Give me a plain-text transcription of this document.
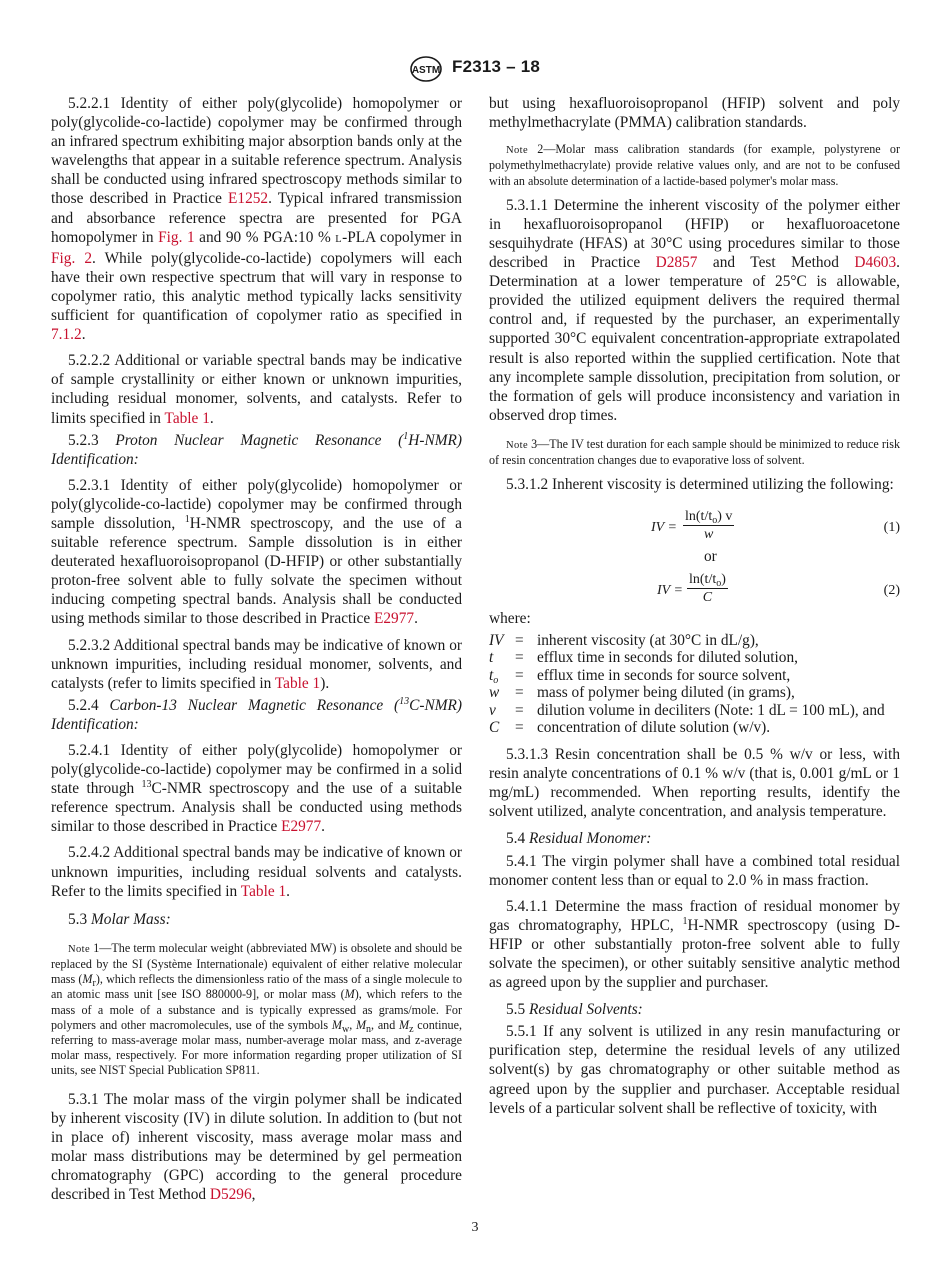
ASTM F2313 – 18

5.2.2.1 Identity of either poly(glycolide) homopolymer or poly(glycolide-co-lactide) copolymer may be confirmed through an infrared spectrum exhibiting major absorption bands only at the wavelengths that appear in a suitable reference spectrum. Analysis shall be conducted using infrared spectroscopy methods similar to those described in Practice E1252. Typical infrared transmission and absorbance reference spectra are presented for PGA homopolymer in Fig. 1 and 90 % PGA:10 % L-PLA copolymer in Fig. 2. While poly(glycolide-co-lactide) copolymers will each have their own respective spectrum that will vary in response to copolymer ratio, this analytic method typically lacks sensitivity sufficient for quantification of copolymer ratio as specified in 7.1.2.

5.2.2.2 Additional or variable spectral bands may be indicative of sample crystallinity or either known or unknown impurities, including residual monomer, solvents, and catalysts. Refer to limits specified in Table 1.

5.2.3 Proton Nuclear Magnetic Resonance ($^1$H-NMR) Identification:

5.2.3.1 Identity of either poly(glycolide) homopolymer or poly(glycolide-co-lactide) copolymer may be confirmed through sample dissolution, $^1$H-NMR spectroscopy, and the use of a suitable reference spectrum. Sample dissolution is in either deuterated hexafluoroisopropanol (D-HFIP) or other substantially proton-free solvent able to fully solvate the specimen without inducing competing spectral bands. Analysis shall be conducted using methods similar to those described in Practice E2977.

5.2.3.2 Additional spectral bands may be indicative of known or unknown impurities, including residual monomer, solvents, and catalysts (refer to limits specified in Table 1).

5.2.4 Carbon-13 Nuclear Magnetic Resonance ($^{13}$C-NMR) Identification:

5.2.4.1 Identity of either poly(glycolide) homopolymer or poly(glycolide-co-lactide) copolymer may be confirmed in a solid state through $^{13}$C-NMR spectroscopy and the use of a suitable reference spectrum. Analysis shall be conducted using methods similar to those described in Practice E2977.

5.2.4.2 Additional spectral bands may be indicative of known or unknown impurities, including residual solvents and catalysts. Refer to the limits specified in Table 1.

5.3 Molar Mass:

Note 1—The term molecular weight (abbreviated MW) is obsolete and should be replaced by the SI (Système Internationale) equivalent of either relative molecular mass $(M_r)$, which reflects the dimensionless ratio of the mass of a single molecule to an atomic mass unit [see ISO 880000-9], or molar mass (M), which refers to the mass of a mole of a substance and is typically expressed as grams/mole. For polymers and other macromolecules, use of the symbols $M_w$, $M_n$, and $M_z$ continue, referring to mass-average molar mass, number-average molar mass, and z-average molar mass, respectively. For more information regarding proper utilization of SI units, see NIST Special Publication SP811.

5.3.1 The molar mass of the virgin polymer shall be indicated by inherent viscosity (IV) in dilute solution. In addition to (but not in place of) inherent viscosity, mass average molar mass and molar mass distributions may be determined by gel permeation chromatography (GPC) according to the general procedure described in Test Method D5296,

but using hexafluoroisopropanol (HFIP) solvent and poly methylmethacrylate (PMMA) calibration standards.

Note 2—Molar mass calibration standards (for example, polystyrene or polymethylmethacrylate) provide relative values only, and are not to be confused with an absolute determination of a lactide-based polymer's molar mass.

5.3.1.1 Determine the inherent viscosity of the polymer either in hexafluoroisopropanol (HFIP) or hexafluoroacetone sesquihydrate (HFAS) at 30°C using procedures similar to those described in Practice D2857 and Test Method D4603. Determination at a lower temperature of 25°C is allowable, provided the utilized equipment delivers the required thermal control and, if requested by the purchaser, an experimentally supported 30°C equivalent concentration-appropriate extrapolated result is also reported within the supplied certification. Note that any incomplete sample dissolution, precipitation from solution, or the formation of gels will produce inconsistency and variation in observed drop times.

Note 3—The IV test duration for each sample should be minimized to reduce risk of resin concentration changes due to evaporative loss of solvent.

5.3.1.2 Inherent viscosity is determined utilizing the following:

IV = $\frac{\ln(t/t_o) v}{w}$	(1)

or

IV = $\frac{\ln(t/t_o)}{C}$	(2)

where:

IV	=	inherent viscosity (at 30°C in dL/g),
t	=	efflux time in seconds for diluted solution,
$t_o$	=	efflux time in seconds for source solvent,
w	=	mass of polymer being diluted (in grams),
v	=	dilution volume in deciliters (Note: 1 dL = 100 mL), and
C	=	concentration of dilute solution (w/v).

5.3.1.3 Resin concentration shall be 0.5 % w/v or less, with resin analyte concentrations of 0.1 % w/v (that is, 0.001 g/mL or 1 mg/mL) recommended. When reporting results, identify the solvent utilized, analyte concentration, and analysis temperature.

5.4 Residual Monomer:

5.4.1 The virgin polymer shall have a combined total residual monomer content less than or equal to 2.0 % in mass fraction.

5.4.1.1 Determine the mass fraction of residual monomer by gas chromatography, HPLC, $^1$H-NMR spectroscopy (using D-HFIP or other substantially proton-free solvent able to fully solvate the specimen), or other suitably sensitive analytic method as agreed upon by the supplier and purchaser.

5.5 Residual Solvents:

5.5.1 If any solvent is utilized in any resin manufacturing or purification step, determine the residual levels of any utilized solvent(s) by gas chromatography or other suitable method as agreed upon by the supplier and purchaser. Acceptable residual levels of a particular solvent shall be reflective of toxicity, with

3
